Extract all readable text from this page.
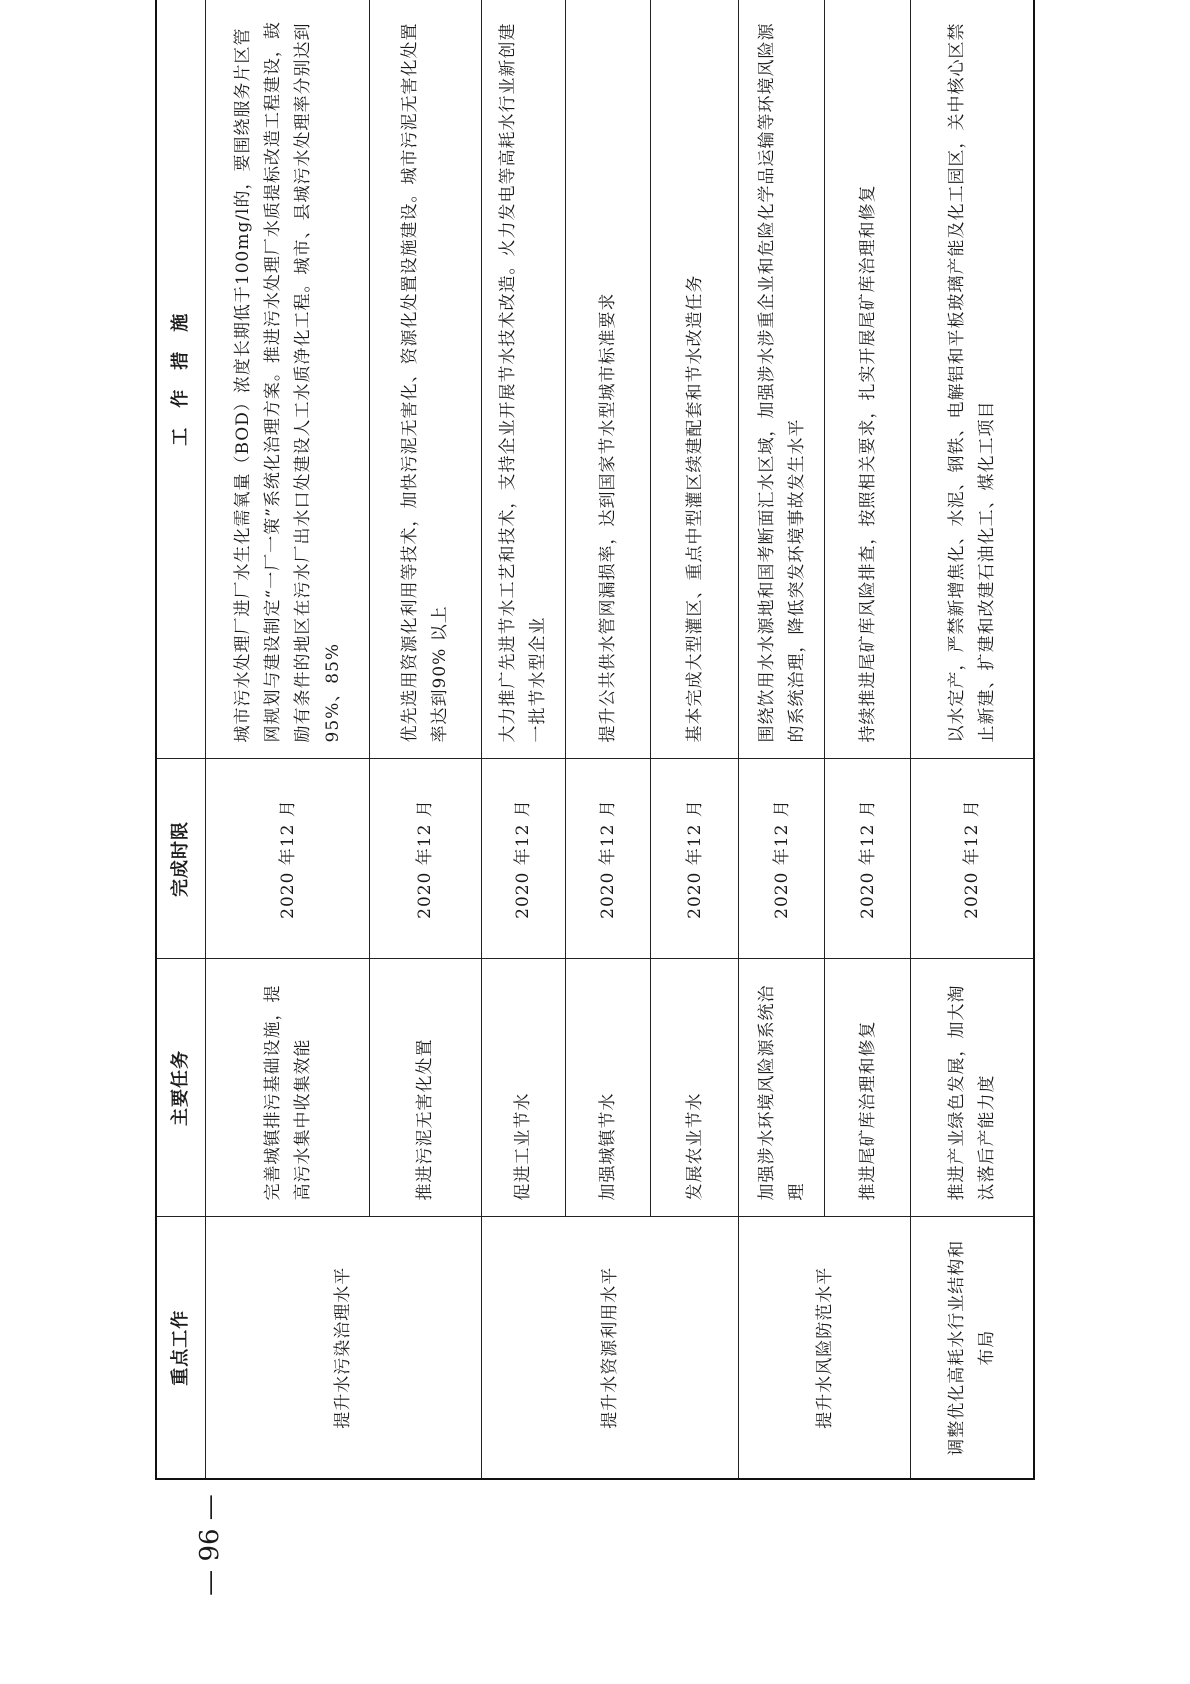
重点工作	主要任务	完成时限	工　作　措　施
提升水污染治理水平	完善城镇排污基础设施，提高污水集中收集效能	2020 年12 月	城市污水处理厂进厂水生化需氧量（BOD）浓度长期低于100mg/l的，要围绕服务片区管网规划与建设制定“一厂一策”系统化治理方案。推进污水处理厂水质提标改造工程建设，鼓励有条件的地区在污水厂出水口处建设人工水质净化工程。城市、县城污水处理率分别达到95%、85%
	推进污泥无害化处置	2020 年12 月	优先选用资源化利用等技术，加快污泥无害化、资源化处置设施建设。城市污泥无害化处置率达到90% 以上
提升水资源利用水平	促进工业节水	2020 年12 月	大力推广先进节水工艺和技术，支持企业开展节水技术改造。火力发电等高耗水行业新创建一批节水型企业
	加强城镇节水	2020 年12 月	提升公共供水管网漏损率，达到国家节水型城市标准要求
	发展农业节水	2020 年12 月	基本完成大型灌区、重点中型灌区续建配套和节水改造任务
提升水风险防范水平	加强涉水环境风险源系统治理	2020 年12 月	围绕饮用水水源地和国考断面汇水区域，加强涉水涉重企业和危险化学品运输等环境风险源的系统治理，降低突发环境事故发生水平
	推进尾矿库治理和修复	2020 年12 月	持续推进尾矿库风险排查，按照相关要求，扎实开展尾矿库治理和修复
调整优化高耗水行业结构和布局	推进产业绿色发展，加大淘汰落后产能力度	2020 年12 月	以水定产，严禁新增焦化、水泥、钢铁、电解铝和平板玻璃产能及化工园区，关中核心区禁止新建、扩建和改建石油化工、煤化工项目
— 96 —
